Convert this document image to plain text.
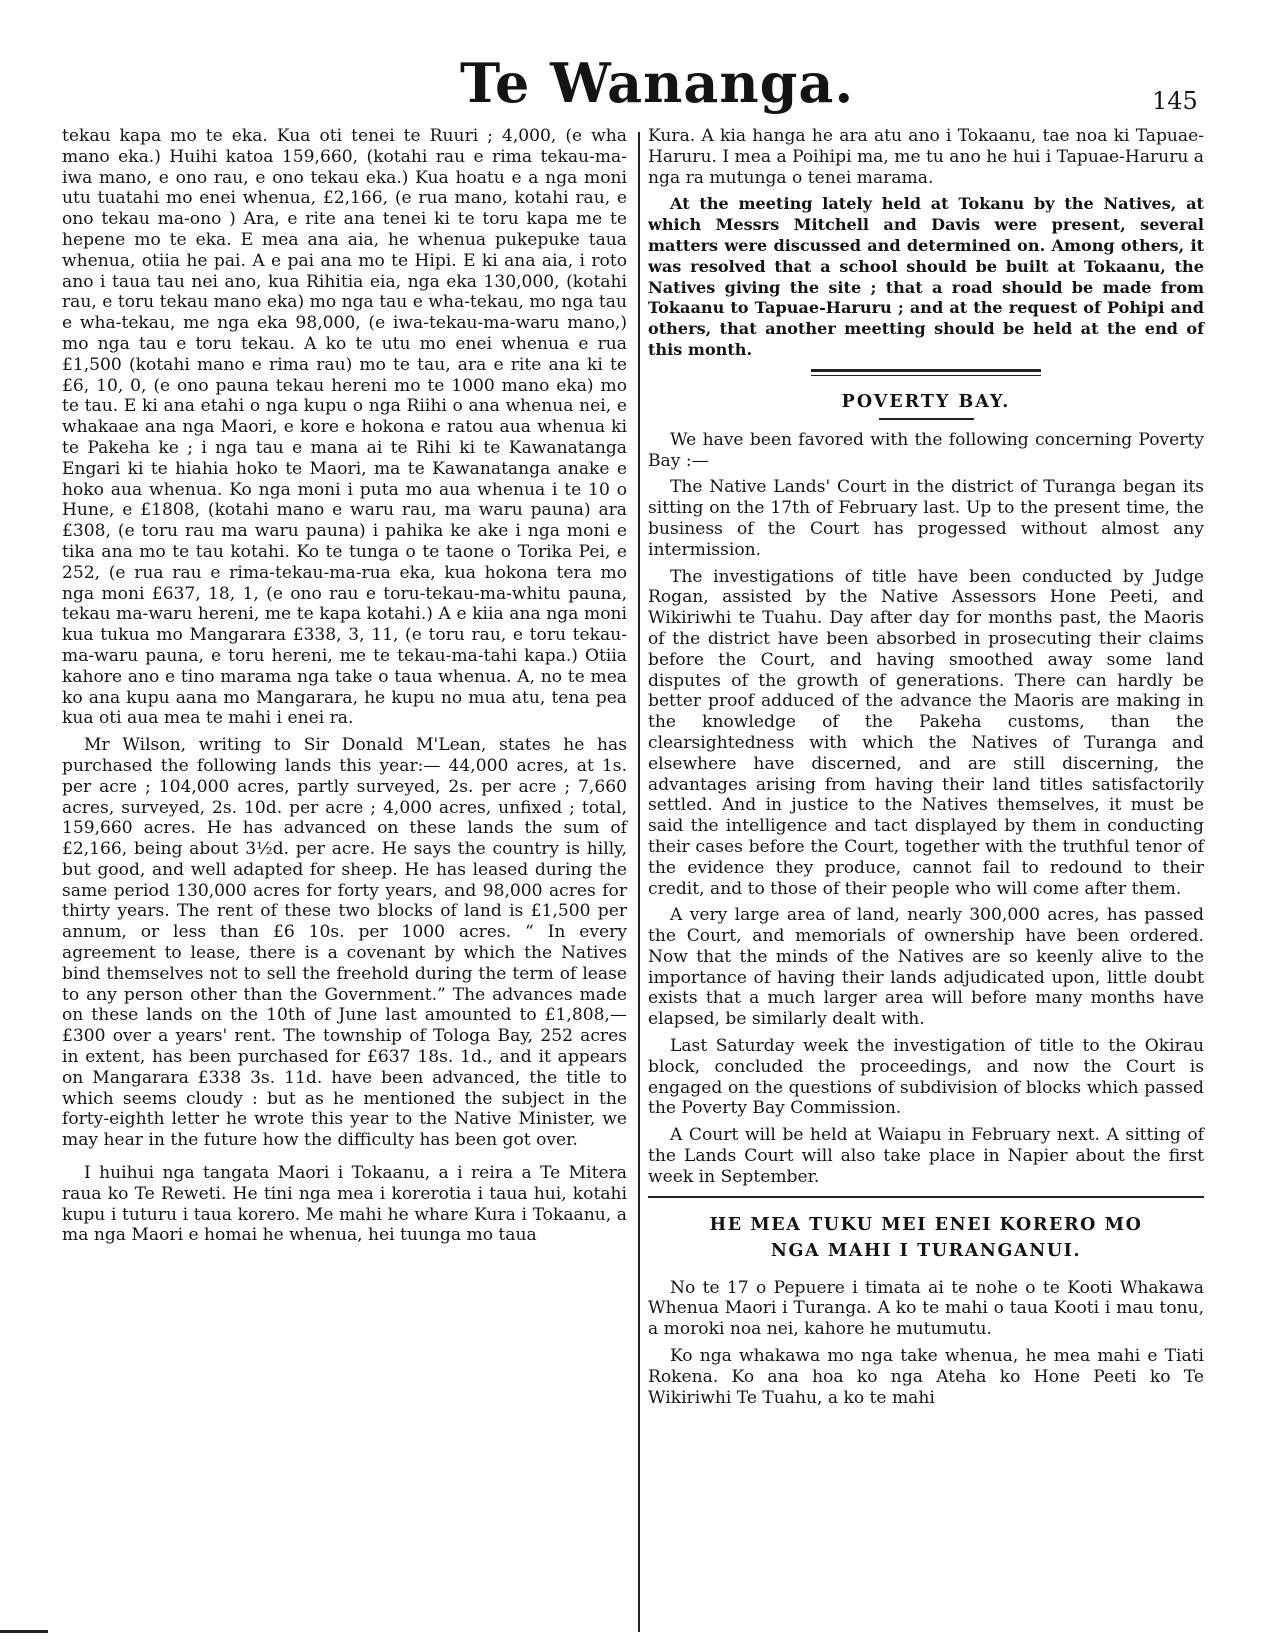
Te Wananga.	145

tekau kapa mo te eka. Kua oti tenei te Ruuri ; 4,000, (e wha mano eka.) Huihi katoa 159,660, (kotahi rau e rima tekau-ma-iwa mano, e ono rau, e ono tekau eka.) Kua hoatu e a nga moni utu tuatahi mo enei whenua, £2,166, (e rua mano, kotahi rau, e ono tekau ma-ono ) Ara, e rite ana tenei ki te toru kapa me te hepene mo te eka. E mea ana aia, he whenua pukepuke taua whenua, otiia he pai. A e pai ana mo te Hipi. E ki ana aia, i roto ano i taua tau nei ano, kua Rihitia eia, nga eka 130,000, (kotahi rau, e toru tekau mano eka) mo nga tau e wha-tekau, mo nga tau e wha-tekau, me nga eka 98,000, (e iwa-tekau-ma-waru mano,) mo nga tau e toru tekau. A ko te utu mo enei whenua e rua £1,500 (kotahi mano e rima rau) mo te tau, ara e rite ana ki te £6, 10, 0, (e ono pauna tekau hereni mo te 1000 mano eka) mo te tau. E ki ana etahi o nga kupu o nga Riihi o ana whenua nei, e whakaae ana nga Maori, e kore e hokona e ratou aua whenua ki te Pakeha ke ; i nga tau e mana ai te Rihi ki te Kawanatanga Engari ki te hiahia hoko te Maori, ma te Kawanatanga anake e hoko aua whenua. Ko nga moni i puta mo aua whenua i te 10 o Hune, e £1808, (kotahi mano e waru rau, ma waru pauna) ara £308, (e toru rau ma waru pauna) i pahika ke ake i nga moni e tika ana mo te tau kotahi. Ko te tunga o te taone o Torika Pei, e 252, (e rua rau e rima-tekau-ma-rua eka, kua hokona tera mo nga moni £637, 18, 1, (e ono rau e toru-tekau-ma-whitu pauna, tekau ma-waru hereni, me te kapa kotahi.) A e kiia ana nga moni kua tukua mo Mangarara £338, 3, 11, (e toru rau, e toru tekau-ma-waru pauna, e toru hereni, me te tekau-ma-tahi kapa.) Otiia kahore ano e tino marama nga take o taua whenua. A, no te mea ko ana kupu aana mo Mangarara, he kupu no mua atu, tena pea kua oti aua mea te mahi i enei ra.

Mr Wilson, writing to Sir Donald M'Lean, states he has purchased the following lands this year:— 44,000 acres, at 1s. per acre ; 104,000 acres, partly surveyed, 2s. per acre ; 7,660 acres, surveyed, 2s. 10d. per acre ; 4,000 acres, unfixed ; total, 159,660 acres. He has advanced on these lands the sum of £2,166, being about 3½d. per acre. He says the country is hilly, but good, and well adapted for sheep. He has leased during the same period 130,000 acres for forty years, and 98,000 acres for thirty years. The rent of these two blocks of land is £1,500 per annum, or less than £6 10s. per 1000 acres. “ In every agreement to lease, there is a covenant by which the Natives bind themselves not to sell the freehold during the term of lease to any person other than the Government.” The advances made on these lands on the 10th of June last amounted to £1,808,—£300 over a years' rent. The township of Tologa Bay, 252 acres in extent, has been purchased for £637 18s. 1d., and it appears on Mangarara £338 3s. 11d. have been advanced, the title to which seems cloudy : but as he mentioned the subject in the forty-eighth letter he wrote this year to the Native Minister, we may hear in the future how the difficulty has been got over.

I huihui nga tangata Maori i Tokaanu, a i reira a Te Mitera raua ko Te Reweti. He tini nga mea i korerotia i taua hui, kotahi kupu i tuturu i taua korero. Me mahi he whare Kura i Tokaanu, a ma nga Maori e homai he whenua, hei tuunga mo taua

Kura. A kia hanga he ara atu ano i Tokaanu, tae noa ki Tapuae-Haruru. I mea a Poihipi ma, me tu ano he hui i Tapuae-Haruru a nga ra mutunga o tenei marama.

At the meeting lately held at Tokanu by the Natives, at which Messrs Mitchell and Davis were present, several matters were discussed and determined on. Among others, it was resolved that a school should be built at Tokaanu, the Natives giving the site ; that a road should be made from Tokaanu to Tapuae-Haruru ; and at the request of Pohipi and others, that another meetting should be held at the end of this month.

POVERTY BAY.

We have been favored with the following concerning Poverty Bay :—

The Native Lands' Court in the district of Turanga began its sitting on the 17th of February last. Up to the present time, the business of the Court has progessed without almost any intermission.

The investigations of title have been conducted by Judge Rogan, assisted by the Native Assessors Hone Peeti, and Wikiriwhi te Tuahu. Day after day for months past, the Maoris of the district have been absorbed in prosecuting their claims before the Court, and having smoothed away some land disputes of the growth of generations. There can hardly be better proof adduced of the advance the Maoris are making in the knowledge of the Pakeha customs, than the clearsightedness with which the Natives of Turanga and elsewhere have discerned, and are still discerning, the advantages arising from having their land titles satisfactorily settled. And in justice to the Natives themselves, it must be said the intelligence and tact displayed by them in conducting their cases before the Court, together with the truthful tenor of the evidence they produce, cannot fail to redound to their credit, and to those of their people who will come after them.

A very large area of land, nearly 300,000 acres, has passed the Court, and memorials of ownership have been ordered. Now that the minds of the Natives are so keenly alive to the importance of having their lands adjudicated upon, little doubt exists that a much larger area will before many months have elapsed, be similarly dealt with.

Last Saturday week the investigation of title to the Okirau block, concluded the proceedings, and now the Court is engaged on the questions of subdivision of blocks which passed the Poverty Bay Commission.

A Court will be held at Waiapu in February next. A sitting of the Lands Court will also take place in Napier about the first week in September.

HE MEA TUKU MEI ENEI KORERO MO
NGA MAHI I TURANGANUI.

No te 17 o Pepuere i timata ai te nohe o te Kooti Whakawa Whenua Maori i Turanga. A ko te mahi o taua Kooti i mau tonu, a moroki noa nei, kahore he mutumutu.

Ko nga whakawa mo nga take whenua, he mea mahi e Tiati Rokena. Ko ana hoa ko nga Ateha ko Hone Peeti ko Te Wikiriwhi Te Tuahu, a ko te mahi
